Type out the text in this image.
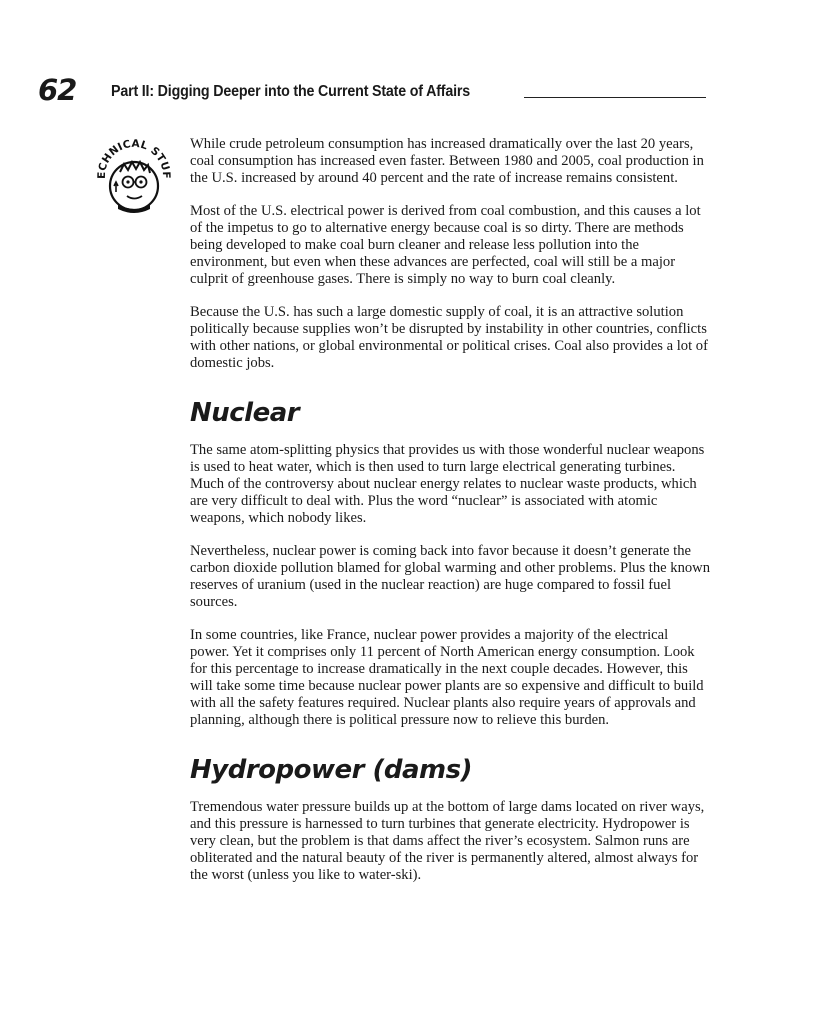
62 Part II: Digging Deeper into the Current State of Affairs
ECHNICAL STUF

While crude petroleum consumption has increased dramatically over the last 20 years, coal consumption has increased even faster. Between 1980 and 2005, coal production in the U.S. increased by around 40 percent and the rate of increase remains consistent.

Most of the U.S. electrical power is derived from coal combustion, and this causes a lot of the impetus to go to alternative energy because coal is so dirty. There are methods being developed to make coal burn cleaner and release less pollution into the environment, but even when these advances are perfected, coal will still be a major culprit of greenhouse gases. There is simply no way to burn coal cleanly.

Because the U.S. has such a large domestic supply of coal, it is an attractive solution politically because supplies won’t be disrupted by instability in other countries, conflicts with other nations, or global environmental or political crises. Coal also provides a lot of domestic jobs.

Nuclear

The same atom-splitting physics that provides us with those wonderful nuclear weapons is used to heat water, which is then used to turn large electrical generating turbines. Much of the controversy about nuclear energy relates to nuclear waste products, which are very difficult to deal with. Plus the word “nuclear” is associated with atomic weapons, which nobody likes.

Nevertheless, nuclear power is coming back into favor because it doesn’t generate the carbon dioxide pollution blamed for global warming and other problems. Plus the known reserves of uranium (used in the nuclear reaction) are huge compared to fossil fuel sources.

In some countries, like France, nuclear power provides a majority of the electrical power. Yet it comprises only 11 percent of North American energy consumption. Look for this percentage to increase dramatically in the next couple decades. However, this will take some time because nuclear power plants are so expensive and difficult to build with all the safety features required. Nuclear plants also require years of approvals and planning, although there is political pressure now to relieve this burden.

Hydropower (dams)

Tremendous water pressure builds up at the bottom of large dams located on river ways, and this pressure is harnessed to turn turbines that generate electricity. Hydropower is very clean, but the problem is that dams affect the river’s ecosystem. Salmon runs are obliterated and the natural beauty of the river is permanently altered, almost always for the worst (unless you like to water-ski).
